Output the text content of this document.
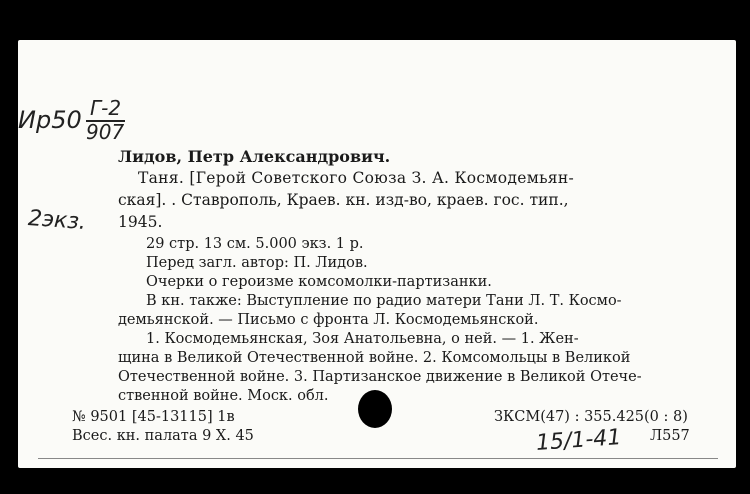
Ир50 Г-2
907
2экз.
Лидов, Петр Александрович.
Таня. [Герой Советского Союза З. А. Космодемьян-
ская]. . Ставрополь, Краев. кн. изд-во, краев. гос. тип.,
1945.
29 стр. 13 см. 5.000 экз. 1 р.
Перед загл. автор: П. Лидов.
Очерки о героизме комсомолки-партизанки.
В кн. также: Выступление по радио матери Тани Л. Т. Космо-
демьянской. — Письмо с фронта Л. Космодемьянской.
1. Космодемьянская, Зоя Анатольевна, о ней. — 1. Жен-
щина в Великой Отечественной войне. 2. Комсомольцы в Великой
Отечественной войне. 3. Партизанское движение в Великой Отече-
ственной войне. Моск. обл.
№ 9501 [45-13115] 1в	ЗКСМ(47) : 355.425(0 : 8)
Всес. кн. палата 9 X. 45	Л557
15/1-41
